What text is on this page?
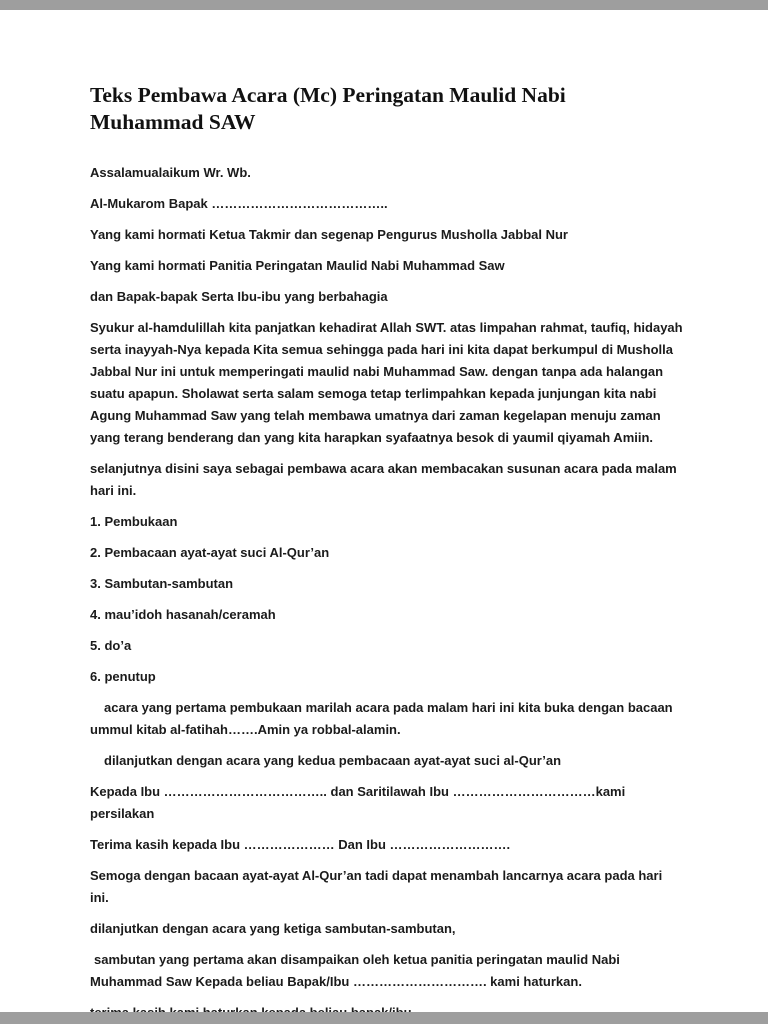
Teks Pembawa Acara (Mc) Peringatan Maulid Nabi Muhammad SAW

Assalamualaikum Wr. Wb.

Al-Mukarom Bapak …………………………………..

Yang kami hormati Ketua Takmir dan segenap Pengurus Musholla Jabbal Nur

Yang kami hormati Panitia Peringatan Maulid Nabi Muhammad Saw

dan Bapak-bapak Serta Ibu-ibu yang berbahagia

Syukur al-hamdulillah kita panjatkan kehadirat Allah SWT. atas limpahan rahmat, taufiq, hidayah serta inayyah-Nya kepada Kita semua sehingga pada hari ini kita dapat berkumpul di Musholla Jabbal Nur ini untuk memperingati maulid nabi Muhammad Saw. dengan tanpa ada halangan suatu apapun. Sholawat serta salam semoga tetap terlimpahkan kepada junjungan kita nabi Agung Muhammad Saw yang telah membawa umatnya dari zaman kegelapan menuju zaman yang terang benderang dan yang kita harapkan syafaatnya besok di yaumil qiyamah Amiin.

selanjutnya disini saya sebagai pembawa acara akan membacakan susunan acara pada malam hari ini.

1. Pembukaan

2. Pembacaan ayat-ayat suci Al-Qur’an

3. Sambutan-sambutan

4. mau’idoh hasanah/ceramah

5. do’a

6. penutup

acara yang pertama pembukaan marilah acara pada malam hari ini kita buka dengan bacaan ummul kitab al-fatihah…….Amin ya robbal-alamin.

dilanjutkan dengan acara yang kedua pembacaan ayat-ayat suci al-Qur’an

Kepada Ibu ……………………………….. dan Saritilawah Ibu ……………………………kami persilakan

Terima kasih kepada Ibu ………………… Dan Ibu ……………………….

Semoga dengan bacaan ayat-ayat Al-Qur’an tadi dapat menambah lancarnya acara pada hari ini.

dilanjutkan dengan acara yang ketiga sambutan-sambutan,

sambutan yang pertama akan disampaikan oleh ketua panitia peringatan maulid Nabi Muhammad Saw Kepada beliau Bapak/Ibu …………………………. kami haturkan.
